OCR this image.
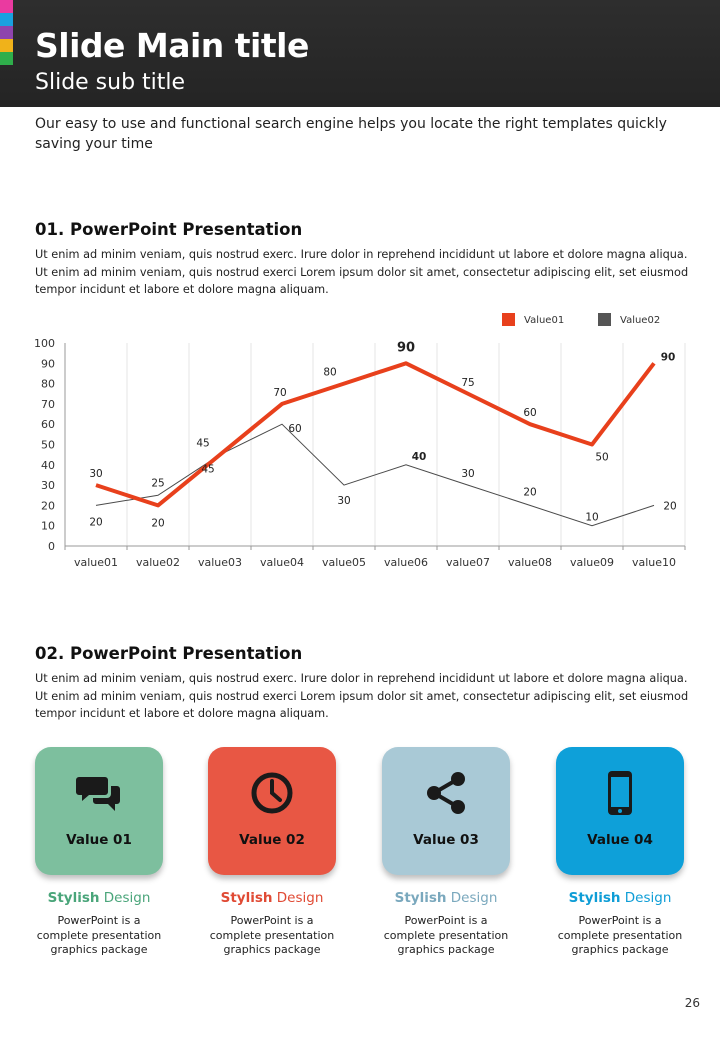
Slide Main title
Slide sub title
Our easy to use and functional search engine helps you locate the right templates quickly saving your time
01. PowerPoint Presentation
Ut enim ad minim veniam, quis nostrud exerc. Irure dolor in reprehend incididunt ut labore et dolore magna aliqua. Ut enim ad minim veniam, quis nostrud exerci Lorem ipsum dolor sit amet, consectetur adipiscing elit, set eiusmod tempor incidunt et labore et dolore magna aliquam.
0
10
20
30
40
50
60
70
80
90
100
value01 value02 value03 value04 value05 value06 value07 value08 value09 value10
30
20
45
70
80
90
75
60
50
90
20
25
45
60
30
40
30
20
10
20
Value01	Value02
02. PowerPoint Presentation
Ut enim ad minim veniam, quis nostrud exerc. Irure dolor in reprehend incididunt ut labore et dolore magna aliqua. Ut enim ad minim veniam, quis nostrud exerci Lorem ipsum dolor sit amet, consectetur adipiscing elit, set eiusmod tempor incidunt et labore et dolore magna aliquam.
Value 01	Value 02	Value 03	Value 04
Stylish Design	Stylish Design	Stylish Design	Stylish Design
PowerPoint is a complete presentation graphics package
PowerPoint is a complete presentation graphics package
PowerPoint is a complete presentation graphics package
PowerPoint is a complete presentation graphics package
26
